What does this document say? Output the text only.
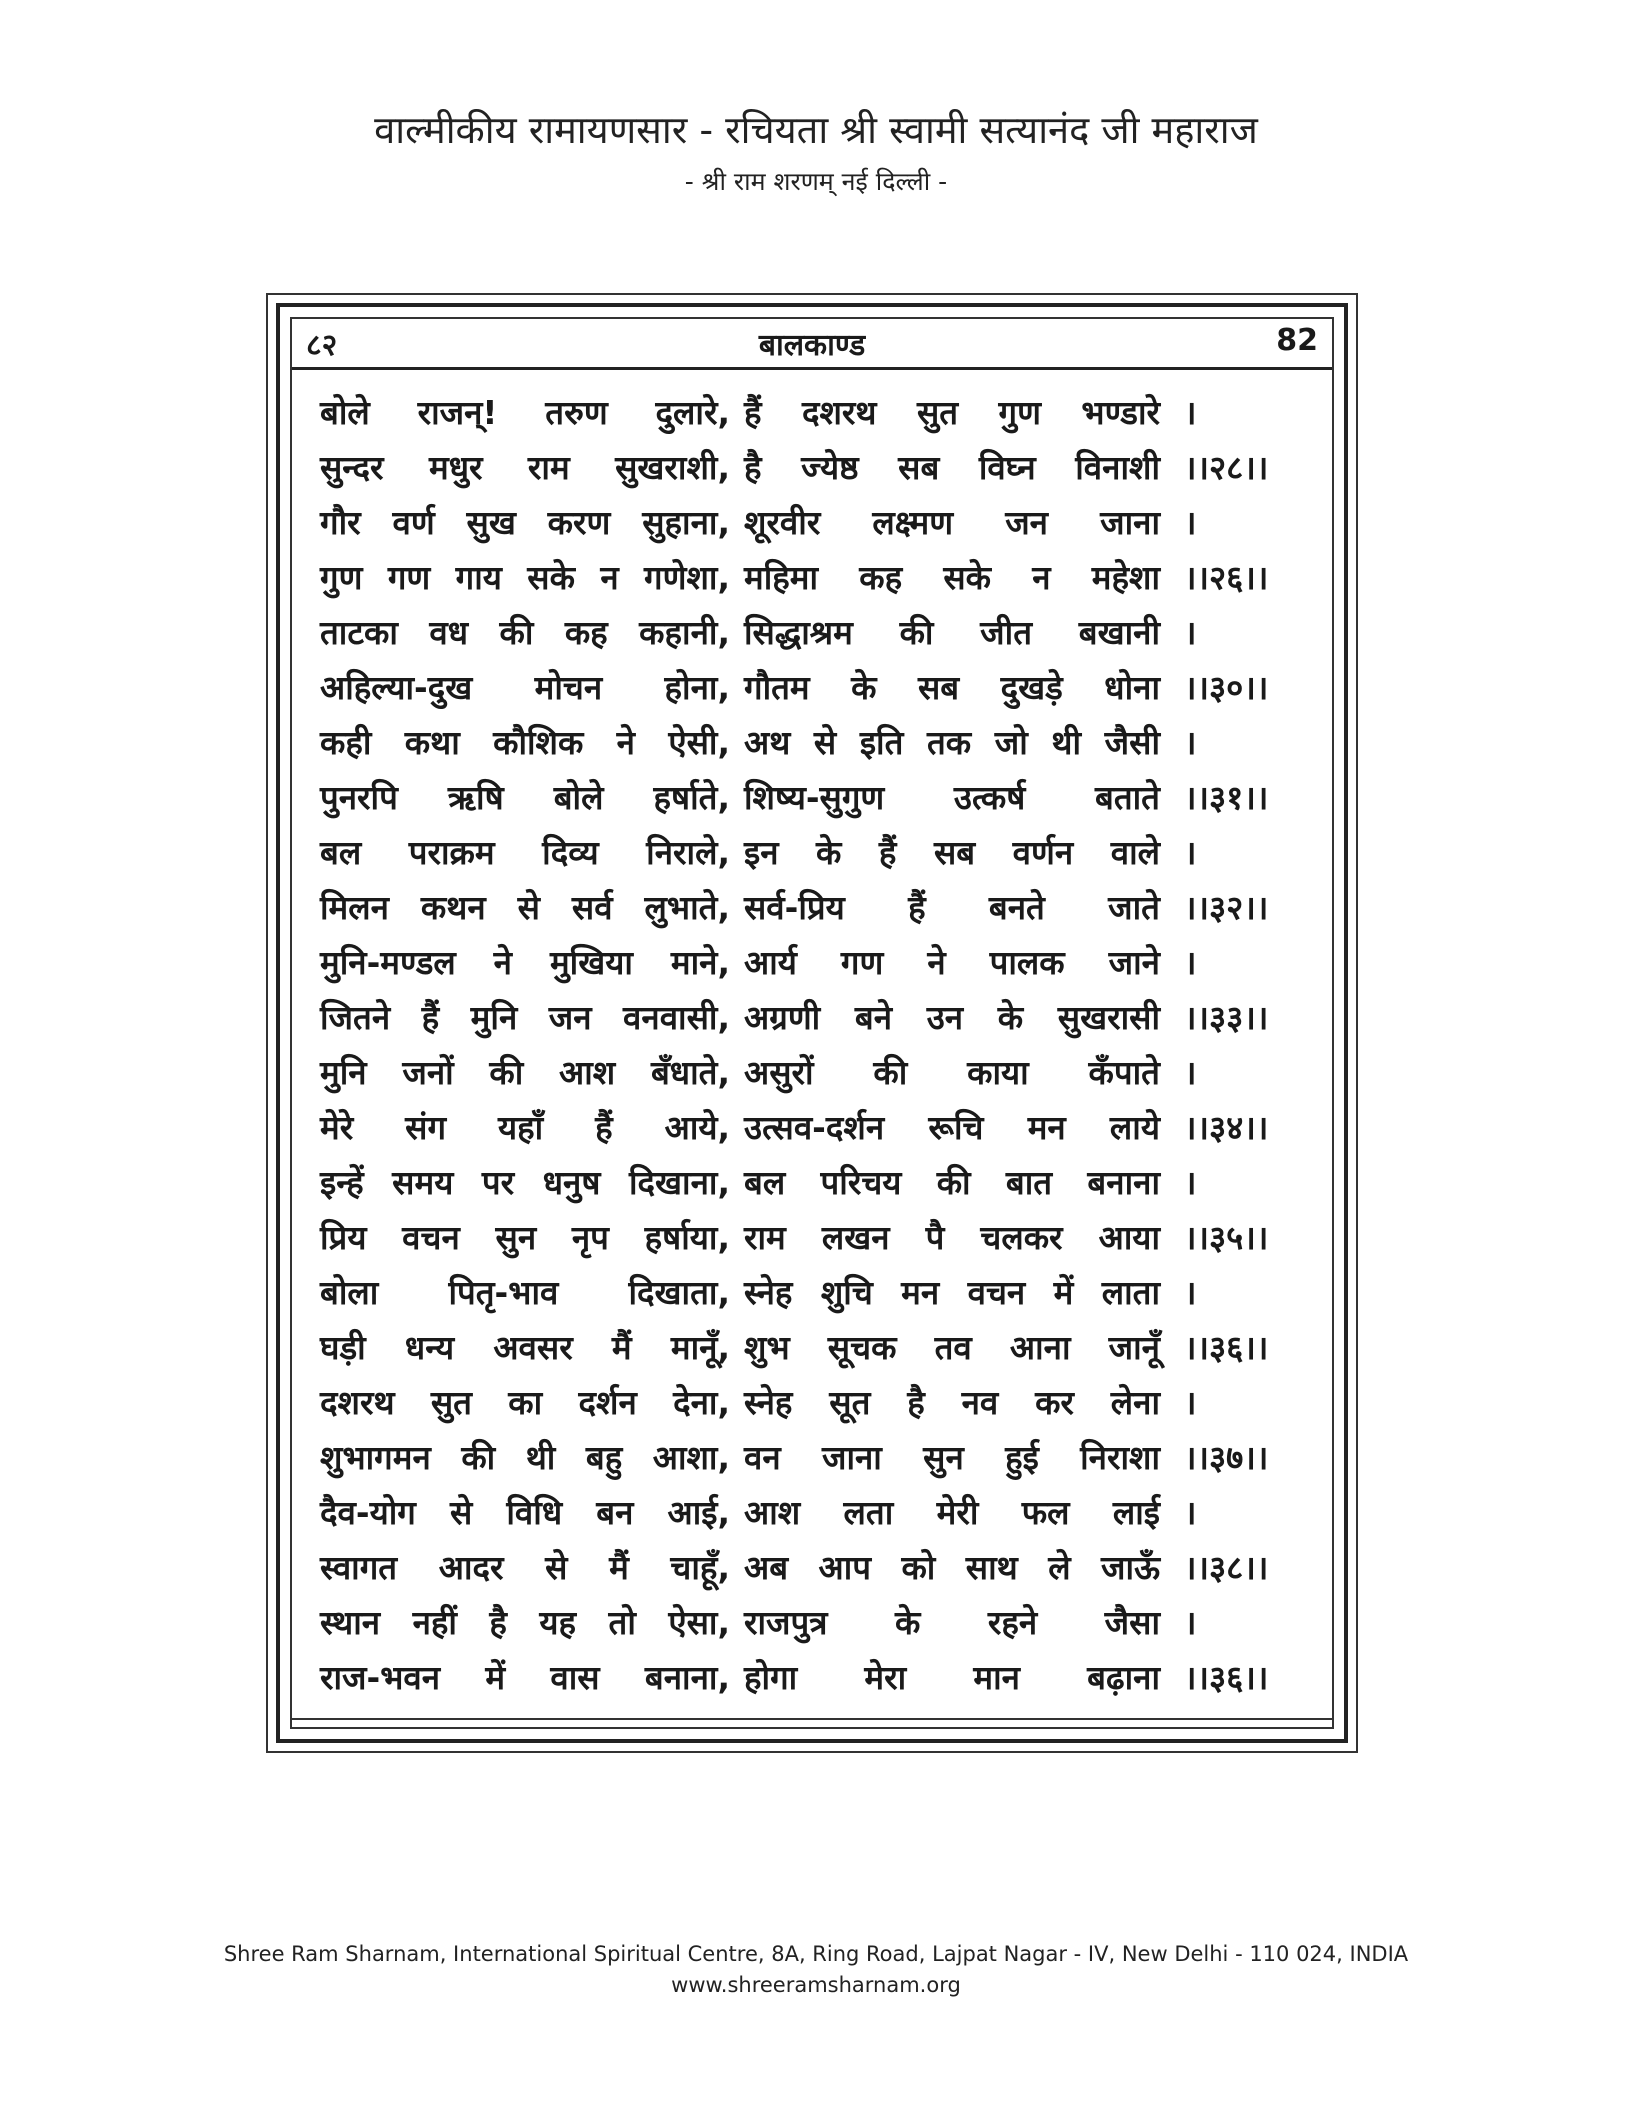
वाल्मीकीय रामायणसार - रचियता श्री स्वामी सत्यानंद जी महाराज
- श्री राम शरणम् नई दिल्ली -
८२	बालकाण्ड	82
बोले राजन्! तरुण दुलारे, हैं दशरथ सुत गुण भण्डारे ।
सुन्दर मधुर राम सुखराशी, है ज्येष्ठ सब विघ्न विनाशी ।।२८।।
गौर वर्ण सुख करण सुहाना, शूरवीर लक्ष्मण जन जाना ।
गुण गण गाय सके न गणेशा, महिमा कह सके न महेशा ।।२६।।
ताटका वध की कह कहानी, सिद्धाश्रम की जीत बखानी ।
अहिल्या-दुख मोचन होना, गौतम के सब दुखड़े धोना ।।३०।।
कही कथा कौशिक ने ऐसी, अथ से इति तक जो थी जैसी ।
पुनरपि ऋषि बोले हर्षाते, शिष्य-सुगुण उत्कर्ष बताते ।।३१।।
बल पराक्रम दिव्य निराले, इन के हैं सब वर्णन वाले ।
मिलन कथन से सर्व लुभाते, सर्व-प्रिय हैं बनते जाते ।।३२।।
मुनि-मण्डल ने मुखिया माने, आर्य गण ने पालक जाने ।
जितने हैं मुनि जन वनवासी, अग्रणी बने उन के सुखरासी ।।३३।।
मुनि जनों की आश बँधाते, असुरों की काया कँपाते ।
मेरे संग यहाँ हैं आये, उत्सव-दर्शन रूचि मन लाये ।।३४।।
इन्हें समय पर धनुष दिखाना, बल परिचय की बात बनाना ।
प्रिय वचन सुन नृप हर्षाया, राम लखन पै चलकर आया ।।३५।।
बोला पितृ-भाव दिखाता, स्नेह शुचि मन वचन में लाता ।
घड़ी धन्य अवसर मैं मानूँ, शुभ सूचक तव आना जानूँ ।।३६।।
दशरथ सुत का दर्शन देना, स्नेह सूत है नव कर लेना ।
शुभागमन की थी बहु आशा, वन जाना सुन हुई निराशा ।।३७।।
दैव-योग से विधि बन आई, आश लता मेरी फल लाई ।
स्वागत आदर से मैं चाहूँ, अब आप को साथ ले जाऊँ ।।३८।।
स्थान नहीं है यह तो ऐसा, राजपुत्र के रहने जैसा ।
राज-भवन में वास बनाना, होगा मेरा मान बढ़ाना ।।३६।।
Shree Ram Sharnam, International Spiritual Centre, 8A, Ring Road, Lajpat Nagar - IV, New Delhi - 110 024, INDIA
www.shreeramsharnam.org
